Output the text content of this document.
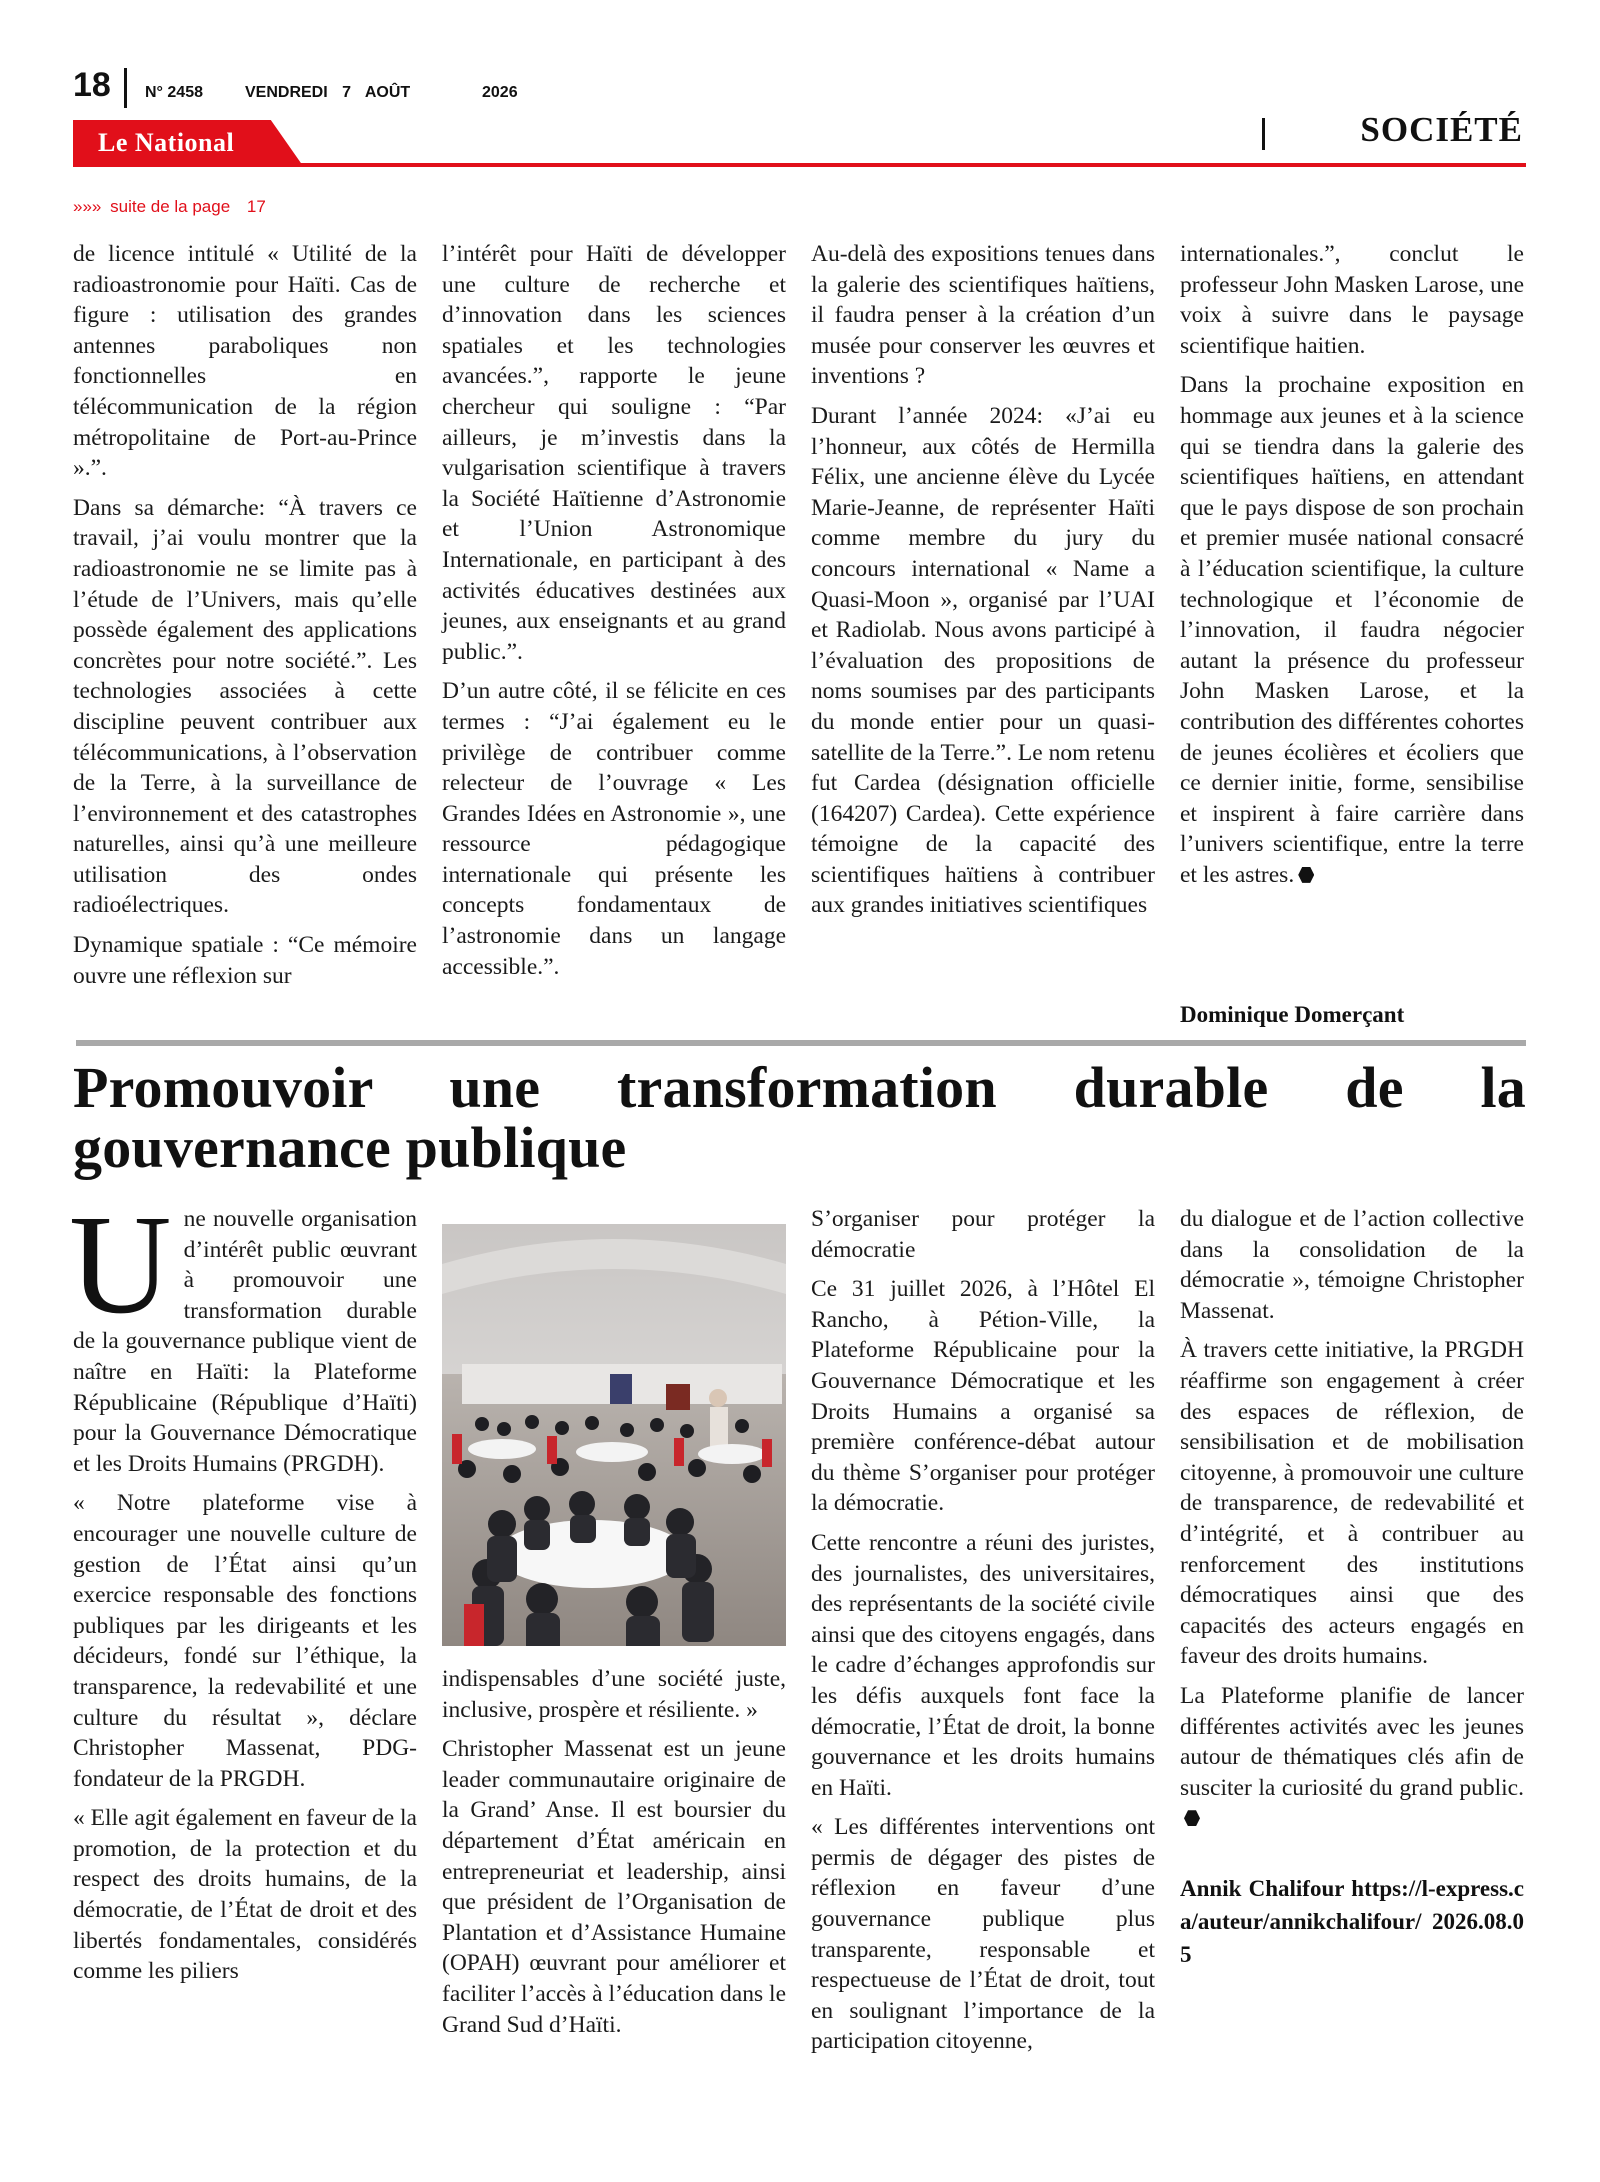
18 N° 2458	VENDREDI 7 AOÛT	2026
Le National	SOCIÉTÉ
»»» suite de la page 17

de licence intitulé « Utilité de la radioastronomie pour Haïti. Cas de figure : utilisation des grandes antennes paraboliques non fonctionnelles en télécommunication de la région métropolitaine de Port-au-Prince ».”.

Dans sa démarche: “À travers ce travail, j’ai voulu montrer que la radioastronomie ne se limite pas à l’étude de l’Univers, mais qu’elle possède également des applications concrètes pour notre société.”. Les technologies associées à cette discipline peuvent contribuer aux télécommunications, à l’observation de la Terre, à la surveillance de l’environnement et des catastrophes naturelles, ainsi qu’à une meilleure utilisation des ondes radioélectriques.

Dynamique spatiale : “Ce mémoire ouvre une réflexion sur

l’intérêt pour Haïti de développer une culture de recherche et d’innovation dans les sciences spatiales et les technologies avancées.”, rapporte le jeune chercheur qui souligne : “Par ailleurs, je m’investis dans la vulgarisation scientifique à travers la Société Haïtienne d’Astronomie et l’Union Astronomique Internationale, en participant à des activités éducatives destinées aux jeunes, aux enseignants et au grand public.”.

D’un autre côté, il se félicite en ces termes : “J’ai également eu le privilège de contribuer comme relecteur de l’ouvrage « Les Grandes Idées en Astronomie », une ressource pédagogique internationale qui présente les concepts fondamentaux de l’astronomie dans un langage accessible.”.

Au-delà des expositions tenues dans la galerie des scientifiques haïtiens, il faudra penser à la création d’un musée pour conserver les œuvres et inventions ?

Durant l’année 2024: «J’ai eu l’honneur, aux côtés de Hermilla Félix, une ancienne élève du Lycée Marie-Jeanne, de représenter Haïti comme membre du jury du concours international « Name a Quasi-Moon », organisé par l’UAI et Radiolab. Nous avons participé à l’évaluation des propositions de noms soumises par des participants du monde entier pour un quasi-satellite de la Terre.”. Le nom retenu fut Cardea (désignation officielle (164207) Cardea). Cette expérience témoigne de la capacité des scientifiques haïtiens à contribuer aux grandes initiatives scientifiques

internationales.”, conclut le professeur John Masken Larose, une voix à suivre dans le paysage scientifique haitien.

Dans la prochaine exposition en hommage aux jeunes et à la science qui se tiendra dans la galerie des scientifiques haïtiens, en attendant que le pays dispose de son prochain et premier musée national consacré à l’éducation scientifique, la culture technologique et l’économie de l’innovation, il faudra négocier autant la présence du professeur John Masken Larose, et la contribution des différentes cohortes de jeunes écolières et écoliers que ce dernier initie, forme, sensibilise et inspirent à faire carrière dans l’univers scientifique, entre la terre et les astres.

Dominique Domerçant
Promouvoir une transformation durable de la gouvernance publique

Une nouvelle organisation d’intérêt public œuvrant à promouvoir une transformation durable de la gouvernance publique vient de naître en Haïti: la Plateforme Républicaine (République d’Haïti) pour la Gouvernance Démocratique et les Droits Humains (PRGDH).

« Notre plateforme vise à encourager une nouvelle culture de gestion de l’État ainsi qu’un exercice responsable des fonctions publiques par les dirigeants et les décideurs, fondé sur l’éthique, la transparence, la redevabilité et une culture du résultat », déclare Christopher Massenat, PDG-fondateur de la PRGDH.

« Elle agit également en faveur de la promotion, de la protection et du respect des droits humains, de la démocratie, de l’État de droit et des libertés fondamentales, considérés comme les piliers

indispensables d’une société juste, inclusive, prospère et résiliente. »

Christopher Massenat est un jeune leader communautaire originaire de la Grand’ Anse. Il est boursier du département d’État américain en entrepreneuriat et leadership, ainsi que président de l’Organisation de Plantation et d’Assistance Humaine (OPAH) œuvrant pour améliorer et faciliter l’accès à l’éducation dans le Grand Sud d’Haïti.

S’organiser pour protéger la démocratie

Ce 31 juillet 2026, à l’Hôtel El Rancho, à Pétion-Ville, la Plateforme Républicaine pour la Gouvernance Démocratique et les Droits Humains a organisé sa première conférence-débat autour du thème S’organiser pour protéger la démocratie.

Cette rencontre a réuni des juristes, des journalistes, des universitaires, des représentants de la société civile ainsi que des citoyens engagés, dans le cadre d’échanges approfondis sur les défis auxquels font face la démocratie, l’État de droit, la bonne gouvernance et les droits humains en Haïti.

« Les différentes interventions ont permis de dégager des pistes de réflexion en faveur d’une gouvernance publique plus transparente, responsable et respectueuse de l’État de droit, tout en soulignant l’importance de la participation citoyenne,

du dialogue et de l’action collective dans la consolidation de la démocratie », témoigne Christopher Massenat.

À travers cette initiative, la PRGDH réaffirme son engagement à créer des espaces de réflexion, de sensibilisation et de mobilisation citoyenne, à promouvoir une culture de transparence, de redevabilité et d’intégrité, et à contribuer au renforcement des institutions démocratiques ainsi que des capacités des acteurs engagés en faveur des droits humains.

La Plateforme planifie de lancer différentes activités avec les jeunes autour de thématiques clés afin de susciter la curiosité du grand public.

Annik Chalifour https://l-express.ca/auteur/annikchalifour/ 2026.08.05
